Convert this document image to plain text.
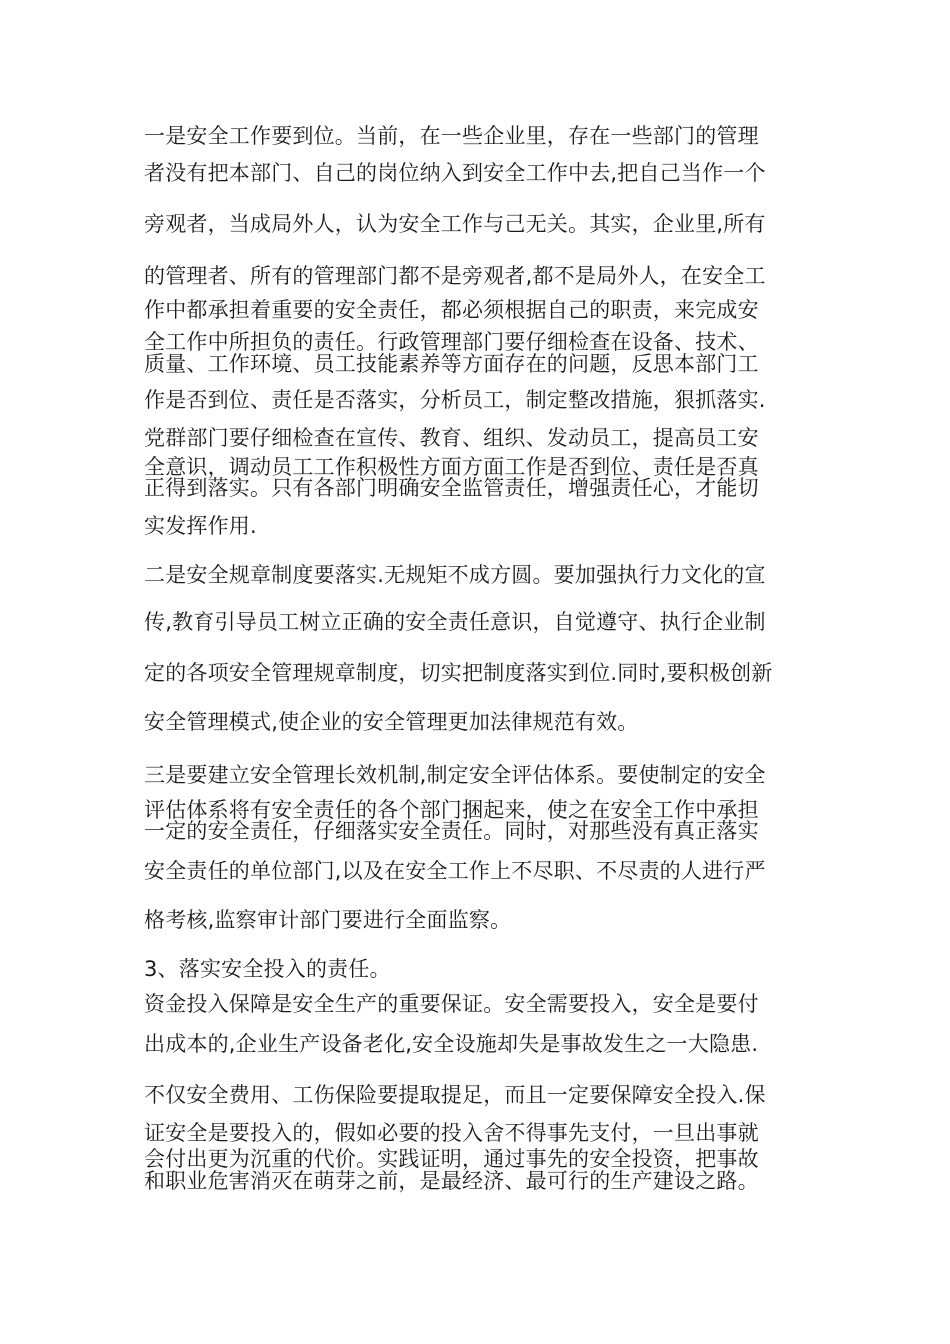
一是安全工作要到位。当前，在一些企业里，存在一些部门的管理
者没有把本部门、自己的岗位纳入到安全工作中去,把自己当作一个
旁观者，当成局外人，认为安全工作与己无关。其实，企业里,所有
的管理者、所有的管理部门都不是旁观者,都不是局外人，在安全工
作中都承担着重要的安全责任，都必须根据自己的职责，来完成安
全工作中所担负的责任。行政管理部门要仔细检查在设备、技术、
质量、工作环境、员工技能素养等方面存在的问题，反思本部门工
作是否到位、责任是否落实，分析员工，制定整改措施，狠抓落实.
党群部门要仔细检查在宣传、教育、组织、发动员工，提高员工安
全意识，调动员工工作积极性方面方面工作是否到位、责任是否真
正得到落实。只有各部门明确安全监管责任，增强责任心，才能切
实发挥作用.
二是安全规章制度要落实.无规矩不成方圆。要加强执行力文化的宣
传,教育引导员工树立正确的安全责任意识，自觉遵守、执行企业制
定的各项安全管理规章制度，切实把制度落实到位.同时,要积极创新
安全管理模式,使企业的安全管理更加法律规范有效。
三是要建立安全管理长效机制,制定安全评估体系。要使制定的安全
评估体系将有安全责任的各个部门捆起来，使之在安全工作中承担
一定的安全责任，仔细落实安全责任。同时，对那些没有真正落实
安全责任的单位部门,以及在安全工作上不尽职、不尽责的人进行严
格考核,监察审计部门要进行全面监察。
3、落实安全投入的责任。
资金投入保障是安全生产的重要保证。安全需要投入，安全是要付
出成本的,企业生产设备老化,安全设施却失是事故发生之一大隐患.
不仅安全费用、工伤保险要提取提足，而且一定要保障安全投入.保
证安全是要投入的，假如必要的投入舍不得事先支付，一旦出事就
会付出更为沉重的代价。实践证明，通过事先的安全投资，把事故
和职业危害消灭在萌芽之前，是最经济、最可行的生产建设之路。
